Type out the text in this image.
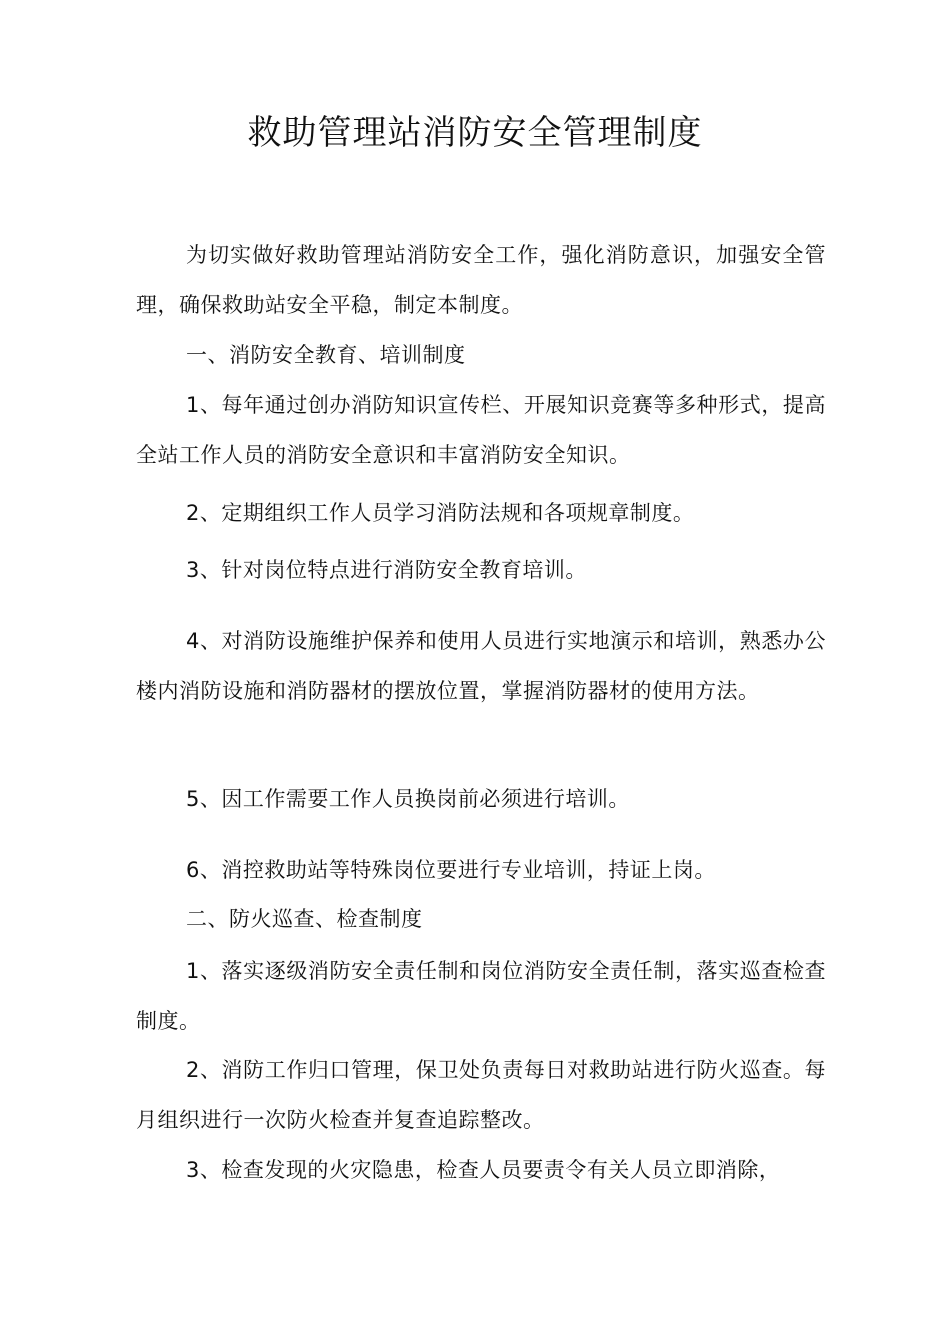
救助管理站消防安全管理制度

为切实做好救助管理站消防安全工作，强化消防意识，加强安全管理，确保救助站安全平稳，制定本制度。

一、消防安全教育、培训制度

1、每年通过创办消防知识宣传栏、开展知识竞赛等多种形式，提高全站工作人员的消防安全意识和丰富消防安全知识。

2、定期组织工作人员学习消防法规和各项规章制度。

3、针对岗位特点进行消防安全教育培训。

4、对消防设施维护保养和使用人员进行实地演示和培训，熟悉办公楼内消防设施和消防器材的摆放位置，掌握消防器材的使用方法。

5、因工作需要工作人员换岗前必须进行培训。

6、消控救助站等特殊岗位要进行专业培训，持证上岗。

二、防火巡查、检查制度

1、落实逐级消防安全责任制和岗位消防安全责任制，落实巡查检查制度。

2、消防工作归口管理，保卫处负责每日对救助站进行防火巡查。每月组织进行一次防火检查并复查追踪整改。

3、检查发现的火灾隐患，检查人员要责令有关人员立即消除，
